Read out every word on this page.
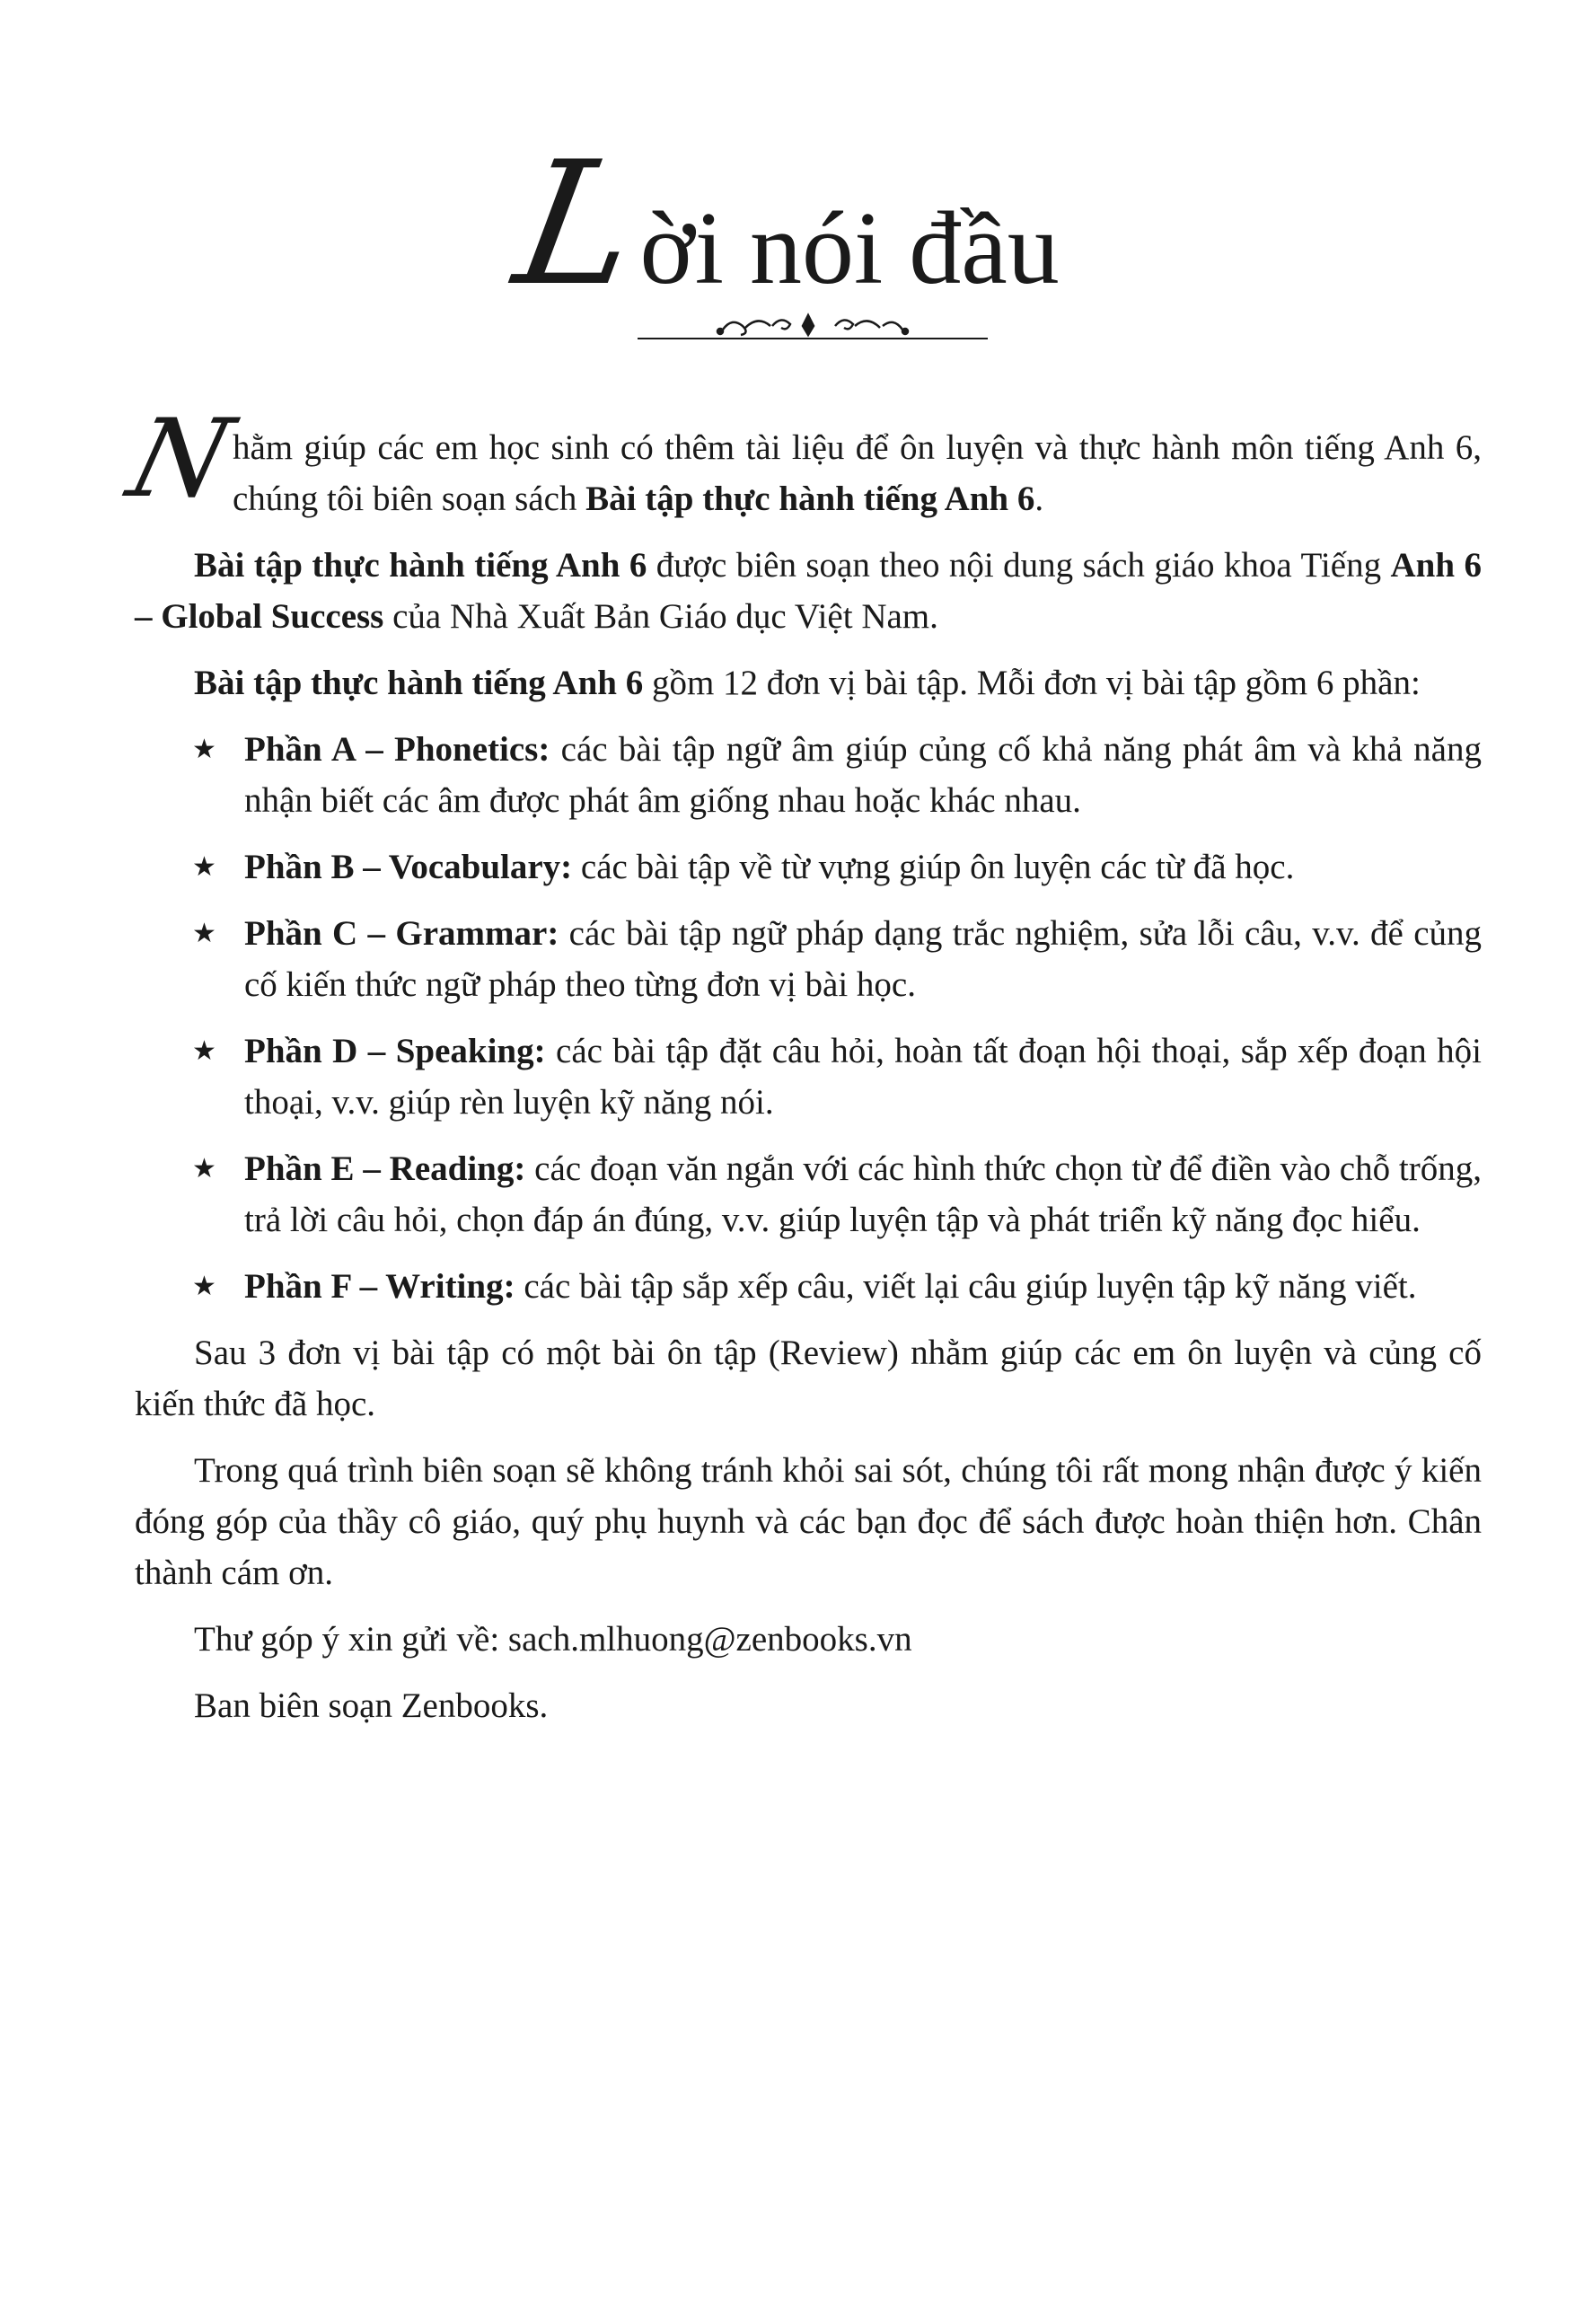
Lời nói đầu

N
hằm giúp các em học sinh có thêm tài liệu để ôn luyện và thực hành môn tiếng Anh 6, chúng tôi biên soạn sách Bài tập thực hành tiếng Anh 6.

Bài tập thực hành tiếng Anh 6 được biên soạn theo nội dung sách giáo khoa Tiếng Anh 6 – Global Success của Nhà Xuất Bản Giáo dục Việt Nam.

Bài tập thực hành tiếng Anh 6 gồm 12 đơn vị bài tập. Mỗi đơn vị bài tập gồm 6 phần:

★ Phần A – Phonetics: các bài tập ngữ âm giúp củng cố khả năng phát âm và khả năng nhận biết các âm được phát âm giống nhau hoặc khác nhau.
★ Phần B – Vocabulary: các bài tập về từ vựng giúp ôn luyện các từ đã học.
★ Phần C – Grammar: các bài tập ngữ pháp dạng trắc nghiệm, sửa lỗi câu, v.v. để củng cố kiến thức ngữ pháp theo từng đơn vị bài học.
★ Phần D – Speaking: các bài tập đặt câu hỏi, hoàn tất đoạn hội thoại, sắp xếp đoạn hội thoại, v.v. giúp rèn luyện kỹ năng nói.
★ Phần E – Reading: các đoạn văn ngắn với các hình thức chọn từ để điền vào chỗ trống, trả lời câu hỏi, chọn đáp án đúng, v.v. giúp luyện tập và phát triển kỹ năng đọc hiểu.
★ Phần F – Writing: các bài tập sắp xếp câu, viết lại câu giúp luyện tập kỹ năng viết.

Sau 3 đơn vị bài tập có một bài ôn tập (Review) nhằm giúp các em ôn luyện và củng cố kiến thức đã học.

Trong quá trình biên soạn sẽ không tránh khỏi sai sót, chúng tôi rất mong nhận được ý kiến đóng góp của thầy cô giáo, quý phụ huynh và các bạn đọc để sách được hoàn thiện hơn. Chân thành cám ơn.

Thư góp ý xin gửi về: sach.mlhuong@zenbooks.vn

Ban biên soạn Zenbooks.
